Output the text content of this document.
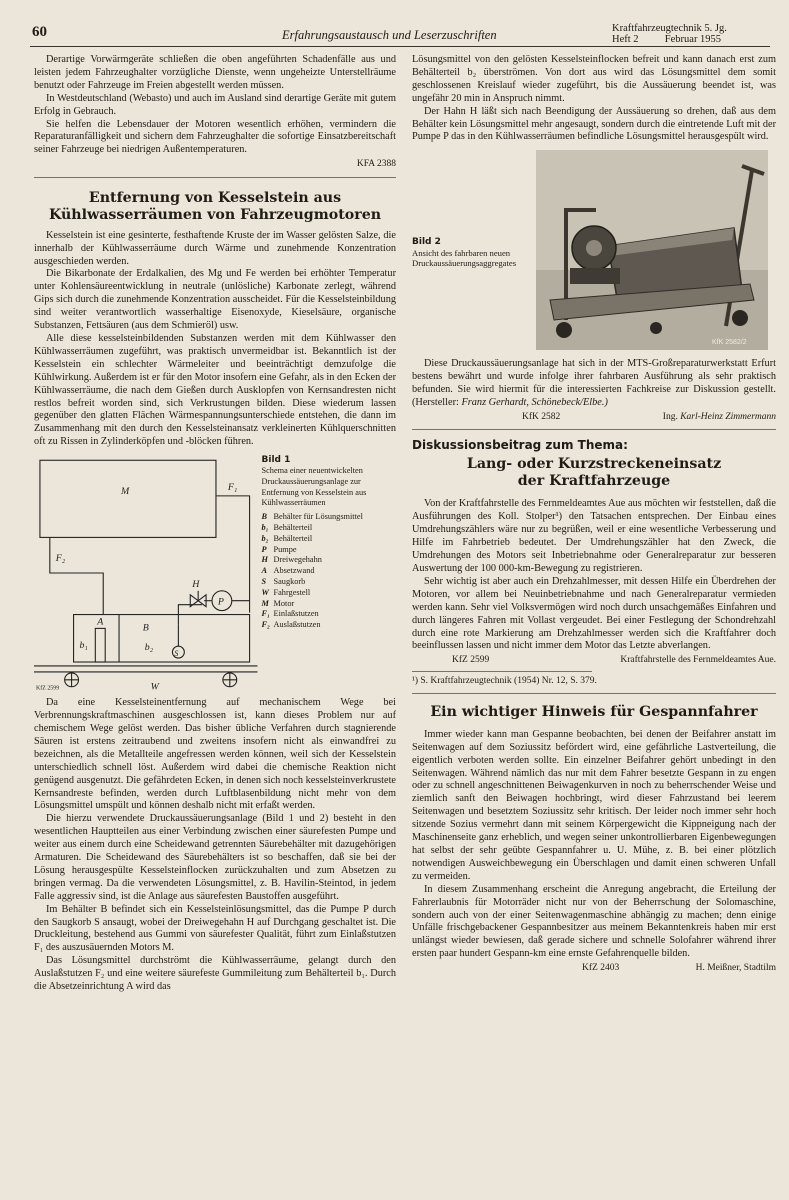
60	Erfahrungsaustausch und Leserzuschriften	Kraftfahrzeugtechnik 5. Jg.
Heft 2          Februar 1955

Derartige Vorwärmgeräte schließen die oben angeführten Schadenfälle aus und leisten jedem Fahrzeughalter vorzügliche Dienste, wenn ungeheizte Unterstellräume benutzt oder Fahrzeuge im Freien abgestellt werden müssen.

In Westdeutschland (Webasto) und auch im Ausland sind derartige Geräte mit gutem Erfolg in Gebrauch.

Sie helfen die Lebensdauer der Motoren wesentlich erhöhen, vermindern die Reparaturanfälligkeit und sichern dem Fahrzeughalter die sofortige Einsatzbereitschaft seiner Fahrzeuge bei niedrigen Außentemperaturen.

KFA 2388
Entfernung von Kesselstein aus Kühlwasserräumen von Fahrzeugmotoren

Kesselstein ist eine gesinterte, festhaftende Kruste der im Wasser gelösten Salze, die innerhalb der Kühlwasserräume durch Wärme und zunehmende Konzentration ausgeschieden werden.

Die Bikarbonate der Erdalkalien, des Mg und Fe werden bei erhöhter Temperatur unter Kohlensäureentwicklung in neutrale (unlösliche) Karbonate zerlegt, während Gips sich durch die zunehmende Konzentration ausscheidet. Für die Kesselsteinbildung sind weiter verantwortlich wasserhaltige Eisenoxyde, Kieselsäure, organische Substanzen, Fettsäuren (aus dem Schmieröl) usw.

Alle diese kesselsteinbildenden Substanzen werden mit dem Kühlwasser den Kühlwasserräumen zugeführt, was praktisch unvermeidbar ist. Bekanntlich ist der Kesselstein ein schlechter Wärmeleiter und beeinträchtigt demzufolge die Kühlwirkung. Außerdem ist er für den Motor insofern eine Gefahr, als in den Ecken der Kühlwasserräume, die nach dem Gießen durch Ausklopfen von Kernsandresten nicht restlos befreit worden sind, sich Verkrustungen bilden. Diese wiederum lassen gegenüber den glatten Flächen Wärmespannungsunterschiede entstehen, die dann im Zusammenhang mit den durch den Kesselsteinansatz verkleinerten Kühlquerschnitten oft zu Rissen in Zylinderköpfen und -blöcken führen.

M	F₁
F₂
H
P
A
B
b₁	b₂
S
W
KfZ 2599
Bild 1
Schema einer neuentwickelten Druckaussäuerungsanlage zur Entfernung von Kesselstein aus Kühlwasserräumen
B Behälter für Lösungsmittel
b₁ Behälterteil
b₂ Behälterteil
P Pumpe
H Dreiwegehahn
A Absetzwand
S Saugkorb
W Fahrgestell
M Motor
F₁ Einlaßstutzen
F₂ Auslaßstutzen

Da eine Kesselsteinentfernung auf mechanischem Wege bei Verbrennungskraftmaschinen ausgeschlossen ist, kann dieses Problem nur auf chemischem Wege gelöst werden. Das bisher übliche Verfahren durch stagnierende Säuren ist erstens zeitraubend und zweitens insofern nicht als einwandfrei zu bezeichnen, als die Metallteile angefressen werden können, weil sich der Kesselstein unterschiedlich schnell löst. Außerdem wird dabei die chemische Reaktion nicht genügend ausgenutzt. Die gefährdeten Ecken, in denen sich noch kesselsteinverkrustete Kernsandreste befinden, werden durch Luftblasenbildung nicht mehr von dem Lösungsmittel umspült und können deshalb nicht mit erfaßt werden.

Die hierzu verwendete Druckaussäuerungsanlage (Bild 1 und 2) besteht in den wesentlichen Hauptteilen aus einer Verbindung zwischen einer säurefesten Pumpe und weiter aus einem durch eine Scheidewand getrennten Säurebehälter mit dazugehörigen Armaturen. Die Scheidewand des Säurebehälters ist so beschaffen, daß sie bei der Lösung herausgespülte Kesselsteinflocken zurückzuhalten und zum Absetzen zu bringen vermag. Da die verwendeten Lösungsmittel, z. B. Havilin-Steintod, in jedem Falle aggressiv sind, ist die Anlage aus säurefesten Baustoffen ausgeführt.

Im Behälter B befindet sich ein Kesselsteinlösungsmittel, das die Pumpe P durch den Saugkorb S ansaugt, wobei der Dreiwegehahn H auf Durchgang geschaltet ist. Die Druckleitung, bestehend aus Gummi von säurefester Qualität, führt zum Einlaßstutzen F₁ des auszusäuernden Motors M.

Das Lösungsmittel durchströmt die Kühlwasserräume, gelangt durch den Auslaßstutzen F₂ und eine weitere säurefeste Gummileitung zum Behälterteil b₁. Durch die Absetzeinrichtung A wird das

Lösungsmittel von den gelösten Kesselsteinflocken befreit und kann danach erst zum Behälterteil b₂ überströmen. Von dort aus wird das Lösungsmittel dem somit geschlossenen Kreislauf wieder zugeführt, bis die Aussäuerung beendet ist, was ungefähr 20 min in Anspruch nimmt.

Der Hahn H läßt sich nach Beendigung der Aussäuerung so drehen, daß aus dem Behälter kein Lösungsmittel mehr angesaugt, sondern durch die eintretende Luft mit der Pumpe P das in den Kühlwasserräumen befindliche Lösungsmittel herausgespült wird.

Bild 2
Ansicht des fahrbaren neuen Druckaussäuerungsaggregates
KfK 2582/2

Diese Druckaussäuerungsanlage hat sich in der MTS-Großreparaturwerkstatt Erfurt bestens bewährt und wurde infolge ihrer fahrbaren Ausführung als sehr praktisch befunden. Sie wird hiermit für die interessierten Fachkreise zur Diskussion gestellt. (Hersteller: Franz Gerhardt, Schönebeck/Elbe.)

KfK 2582	Ing. Karl-Heinz Zimmermann
Diskussionsbeitrag zum Thema:
Lang- oder Kurzstreckeneinsatz der Kraftfahrzeuge

Von der Kraftfahrstelle des Fernmeldeamtes Aue aus möchten wir feststellen, daß die Ausführungen des Koll. Stolper¹) den Tatsachen entsprechen. Der Einbau eines Umdrehungszählers wäre nur zu begrüßen, weil er eine wesentliche Verbesserung und Hilfe im Fahrbetrieb bedeutet. Der Umdrehungszähler hat den Zweck, die Umdrehungen des Motors seit Inbetriebnahme oder Generalreparatur zur besseren Auswertung der 100 000-km-Bewegung zu registrieren.

Sehr wichtig ist aber auch ein Drehzahlmesser, mit dessen Hilfe ein Überdrehen der Motoren, vor allem bei Neuinbetriebnahme und nach Generalreparatur vermieden werden kann. Sehr viel Volksvermögen wird noch durch unsachgemäßes Einfahren und durch längeres Fahren mit Vollast vergeudet. Bei einer Festlegung der Schondrehzahl durch eine rote Markierung am Drehzahlmesser werden sich die Kraftfahrer doch beeinflussen lassen und nicht immer dem Motor das Letzte abverlangen.

KfZ 2599	Kraftfahrstelle des Fernmeldeamtes Aue.
¹) S. Kraftfahrzeugtechnik (1954) Nr. 12, S. 379.
Ein wichtiger Hinweis für Gespannfahrer

Immer wieder kann man Gespanne beobachten, bei denen der Beifahrer anstatt im Seitenwagen auf dem Soziussitz befördert wird, eine gefährliche Lastverteilung, die eigentlich verboten werden sollte. Ein einzelner Beifahrer gehört unbedingt in den Seitenwagen. Während nämlich das nur mit dem Fahrer besetzte Gespann in zu engen oder zu schnell angeschnittenen Beiwagenkurven in noch zu beherrschender Weise und ziemlich sanft den Beiwagen hochbringt, wird dieser Fahrzustand bei leerem Seitenwagen und besetztem Soziussitz sehr kritisch. Der leider noch immer sehr hoch sitzende Sozius vermehrt dann mit seinem Körpergewicht die Kippneigung nach der Maschinenseite ganz erheblich, und wegen seiner unkontrollierbaren Eigenbewegungen hat selbst der sehr geübte Gespannfahrer u. U. Mühe, z. B. bei einer plötzlich notwendigen Ausweichbewegung ein Überschlagen und damit einen schweren Unfall zu vermeiden.

In diesem Zusammenhang erscheint die Anregung angebracht, die Erteilung der Fahrerlaubnis für Motorräder nicht nur von der Beherrschung der Solomaschine, sondern auch von der einer Seitenwagenmaschine abhängig zu machen; denn einige Unfälle frischgebackener Gespannbesitzer aus meinem Bekanntenkreis haben mir erst unlängst wieder bewiesen, daß gerade sichere und schnelle Solofahrer während ihrer ersten paar hundert Gespann-km eine ernste Gefahrenquelle bilden.

KfZ 2403	H. Meißner, Stadtilm
